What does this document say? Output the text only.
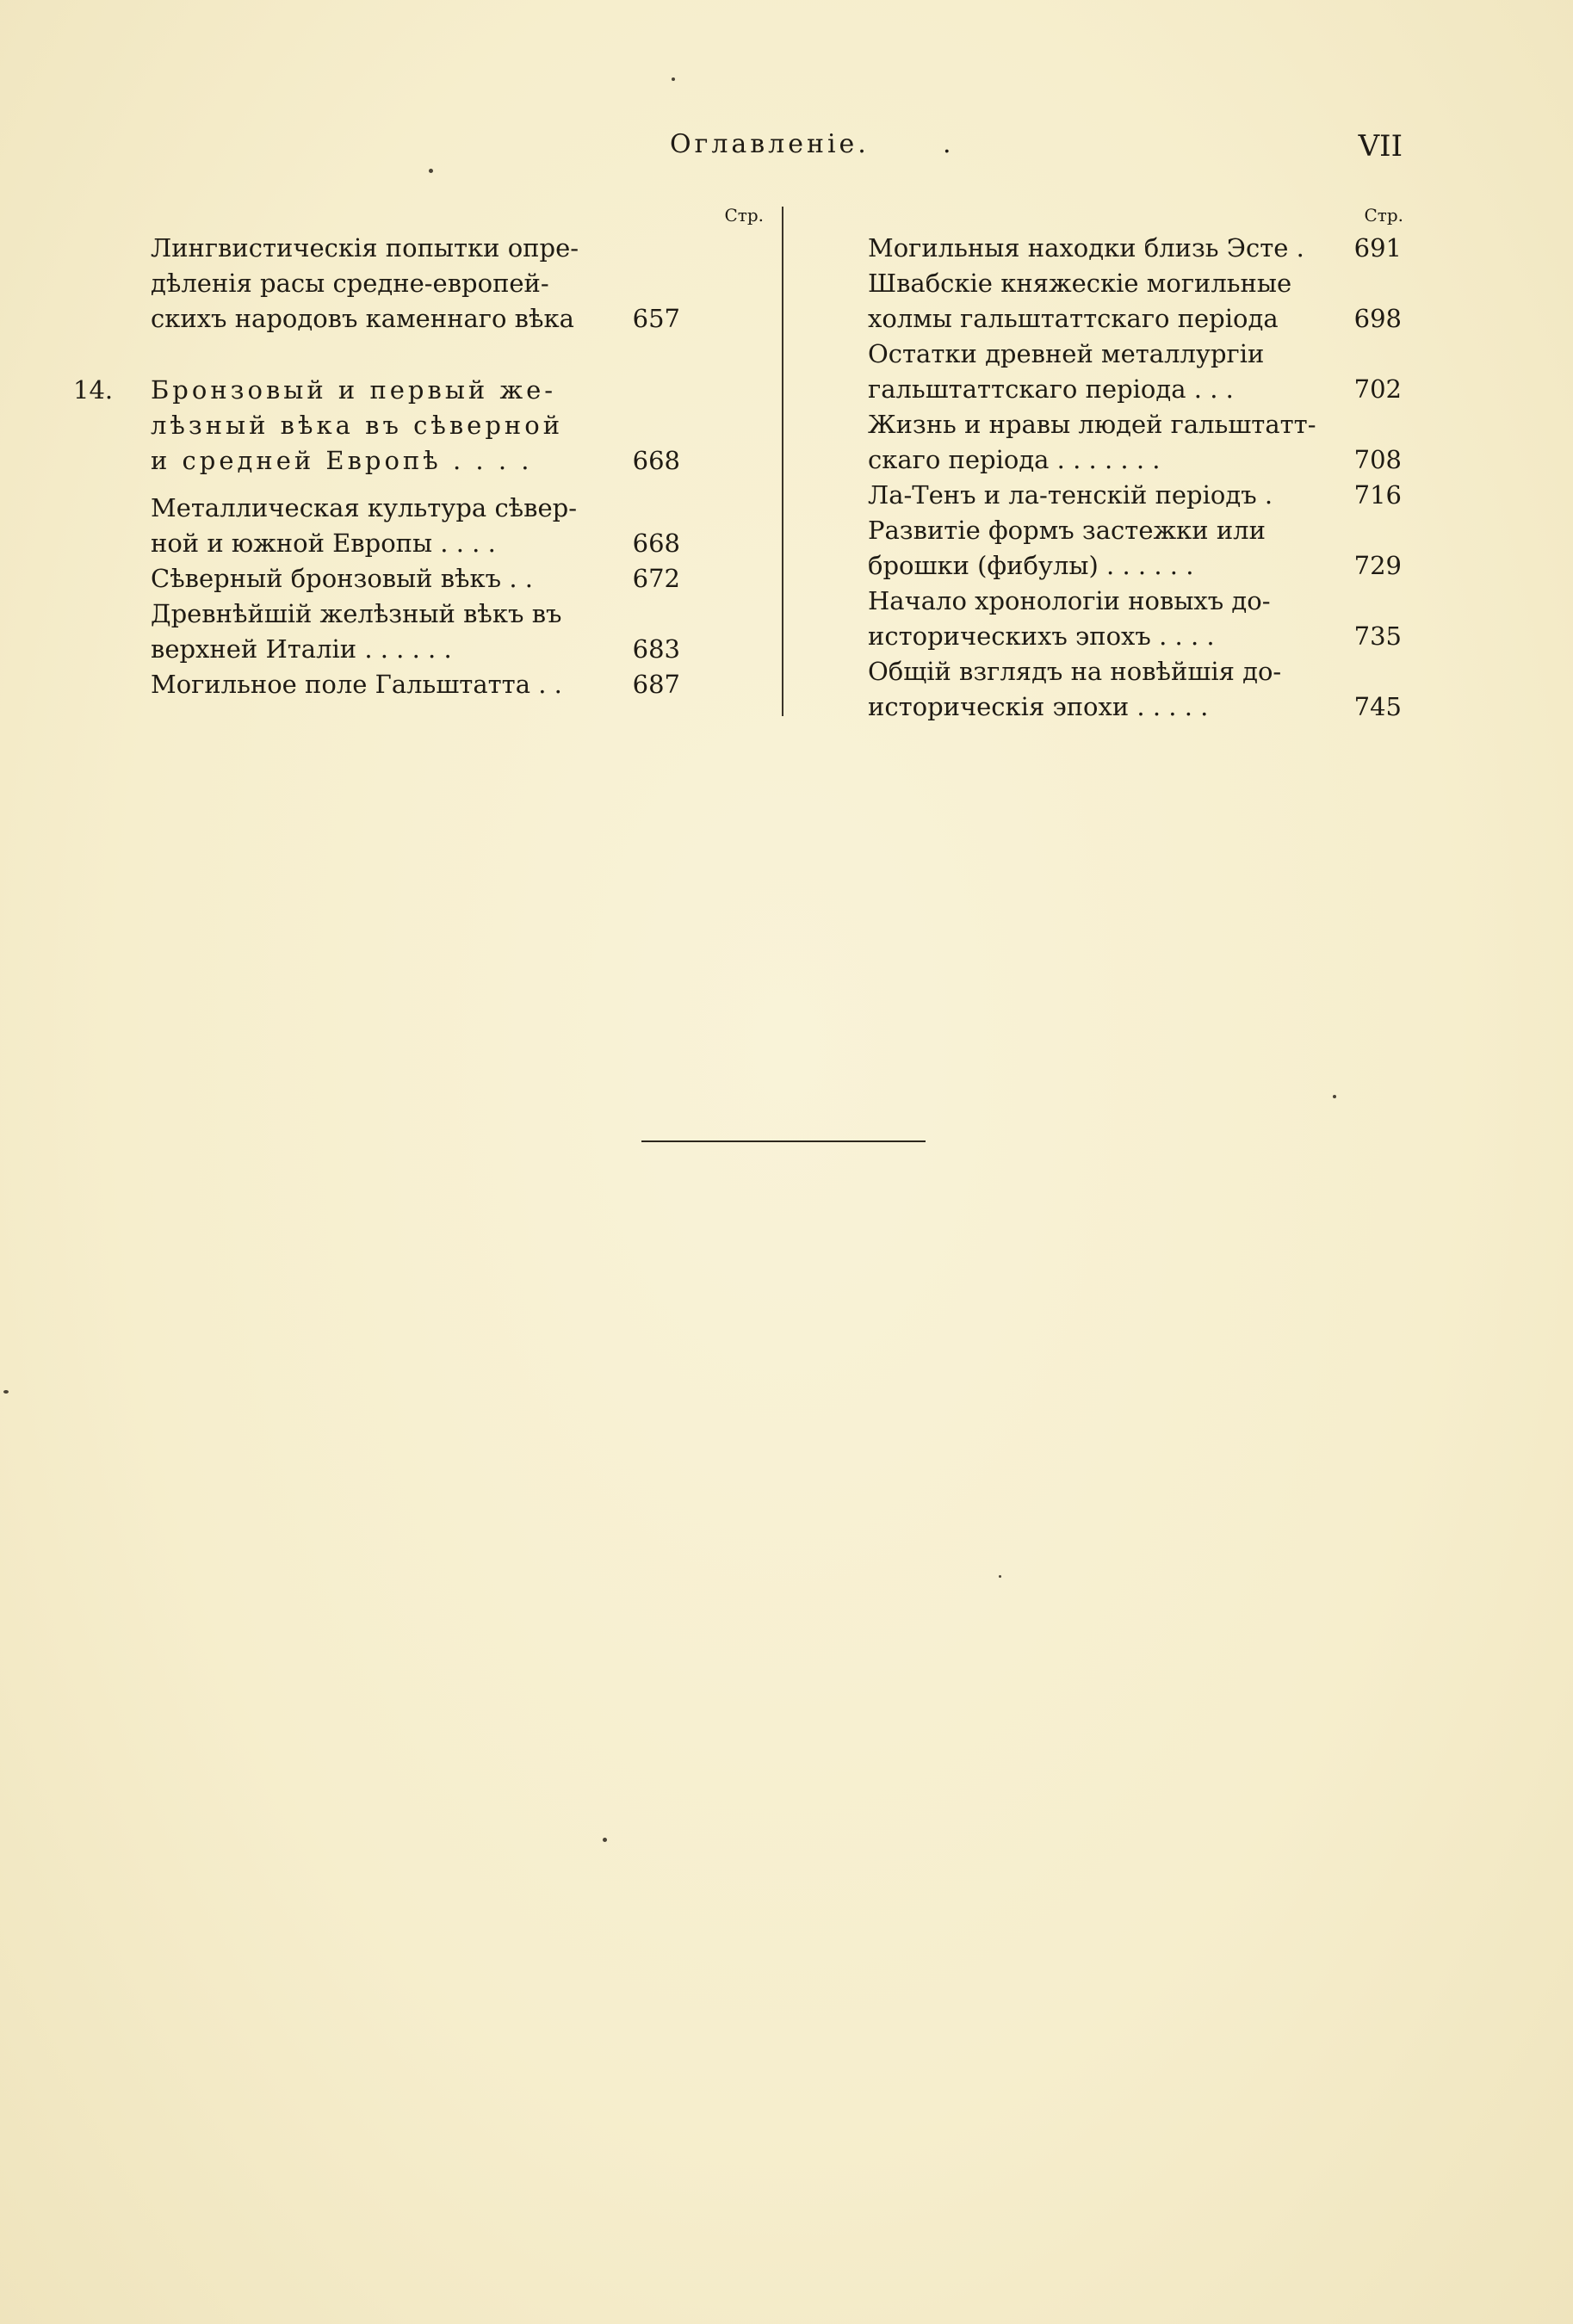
Оглавленіе.	.	VII
Стр.
Лингвистическія попытки опре-
дѣленія расы средне-европей-
скихъ народовъ каменнаго вѣка	657
14.	Бронзовый и первый же-
лѣзный вѣка въ сѣверной
и средней Европѣ . . . .	668
Металлическая культура сѣвер-
ной и южной Европы . . . .	668
Сѣверный бронзовый вѣкъ . .	672
Древнѣйшій желѣзный вѣкъ въ
верхней Италіи . . . . . .	683
Могильное поле Гальштатта . .	687
Стр.
Могильныя находки близь Эсте .	691
Швабскіе княжескіе могильные
холмы гальштаттскаго періода	698
Остатки древней металлургіи
гальштаттскаго періода . . .	702
Жизнь и нравы людей гальштатт-
скаго періода . . . . . . .	708
Ла-Тенъ и ла-тенскій періодъ .	716
Развитіе формъ застежки или
брошки (фибулы) . . . . . .	729
Начало хронологіи новыхъ до-
историческихъ эпохъ . . . .	735
Общій взглядъ на новѣйшія до-
историческія эпохи . . . . .	745
